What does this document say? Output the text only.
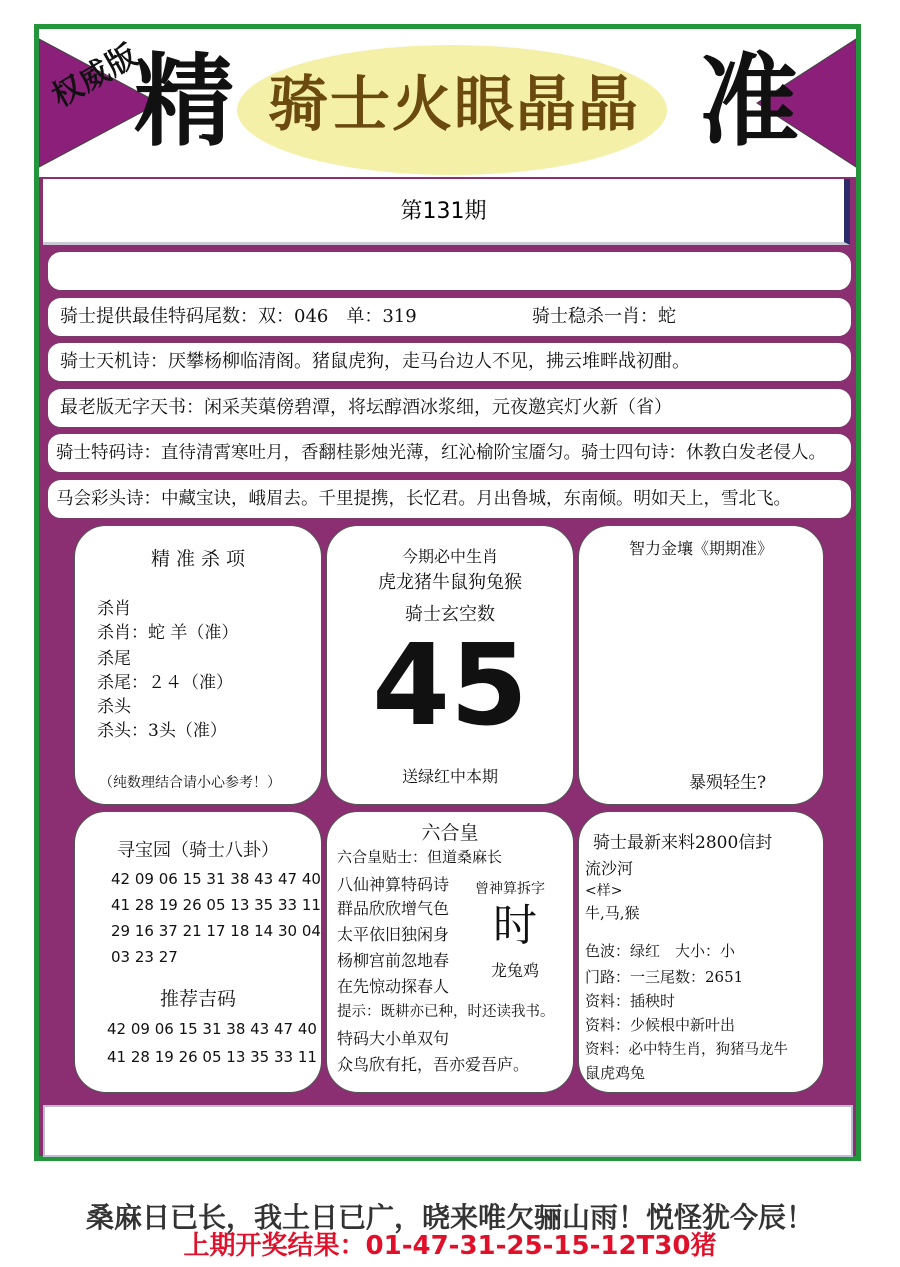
权威版
精 骑士火眼晶晶 准
第131期
骑士提供最佳特码尾数：双：046　单：319	骑士稳杀一肖：蛇
骑士天机诗：厌攀杨柳临清阁。猪鼠虎狗，走马台边人不见，拂云堆畔战初酣。
最老版无字天书：闲采芙蕖傍碧潭，将坛醇酒冰浆细，元夜邀宾灯火新（省）
骑士特码诗：直待清霄寒吐月，香翻桂影烛光薄，红沁榆阶宝靥匀。骑士四句诗：休教白发老侵人。
马会彩头诗：中藏宝诀，峨眉去。千里提携，长忆君。月出鲁城，东南倾。明如天上，雪北飞。
精 准 杀 项
杀肖
杀肖：蛇 羊（准）
杀尾
杀尾：２４（准）
杀头
杀头：3头（准）
（纯数理结合请小心参考！）
今期必中生肖
虎龙猪牛鼠狗兔猴
骑士玄空数
45
送绿红中本期
智力金壤《期期准》
暴殒轻生?
寻宝园（骑士八卦）
42 09 06 15 31 38 43 47 40
41 28 19 26 05 13 35 33 11
29 16 37 21 17 18 14 30 04
03 23 27
推荐吉码
42 09 06 15 31 38 43 47 40
41 28 19 26 05 13 35 33 11
六合皇
六合皇贴士：但道桑麻长
八仙神算特码诗
群品欣欣增气色
太平依旧独闲身
杨柳宫前忽地春
在先惊动探春人
曾神算拆字
时
龙兔鸡
提示：既耕亦已种，时还读我书。
特码大小单双句
众鸟欣有托，吾亦爱吾庐。
骑士最新来料2800信封
流沙河
<样>
牛,马,猴
色波：绿红　大小：小
门路：一三尾数：2651
资料：插秧时
资料：少候根中新叶出
资料：必中特生肖，狗猪马龙牛
鼠虎鸡兔
桑麻日已长，我土日已广，晓来唯欠骊山雨！悦怪犹今辰！
上期开奖结果：01-47-31-25-15-12T30猪
